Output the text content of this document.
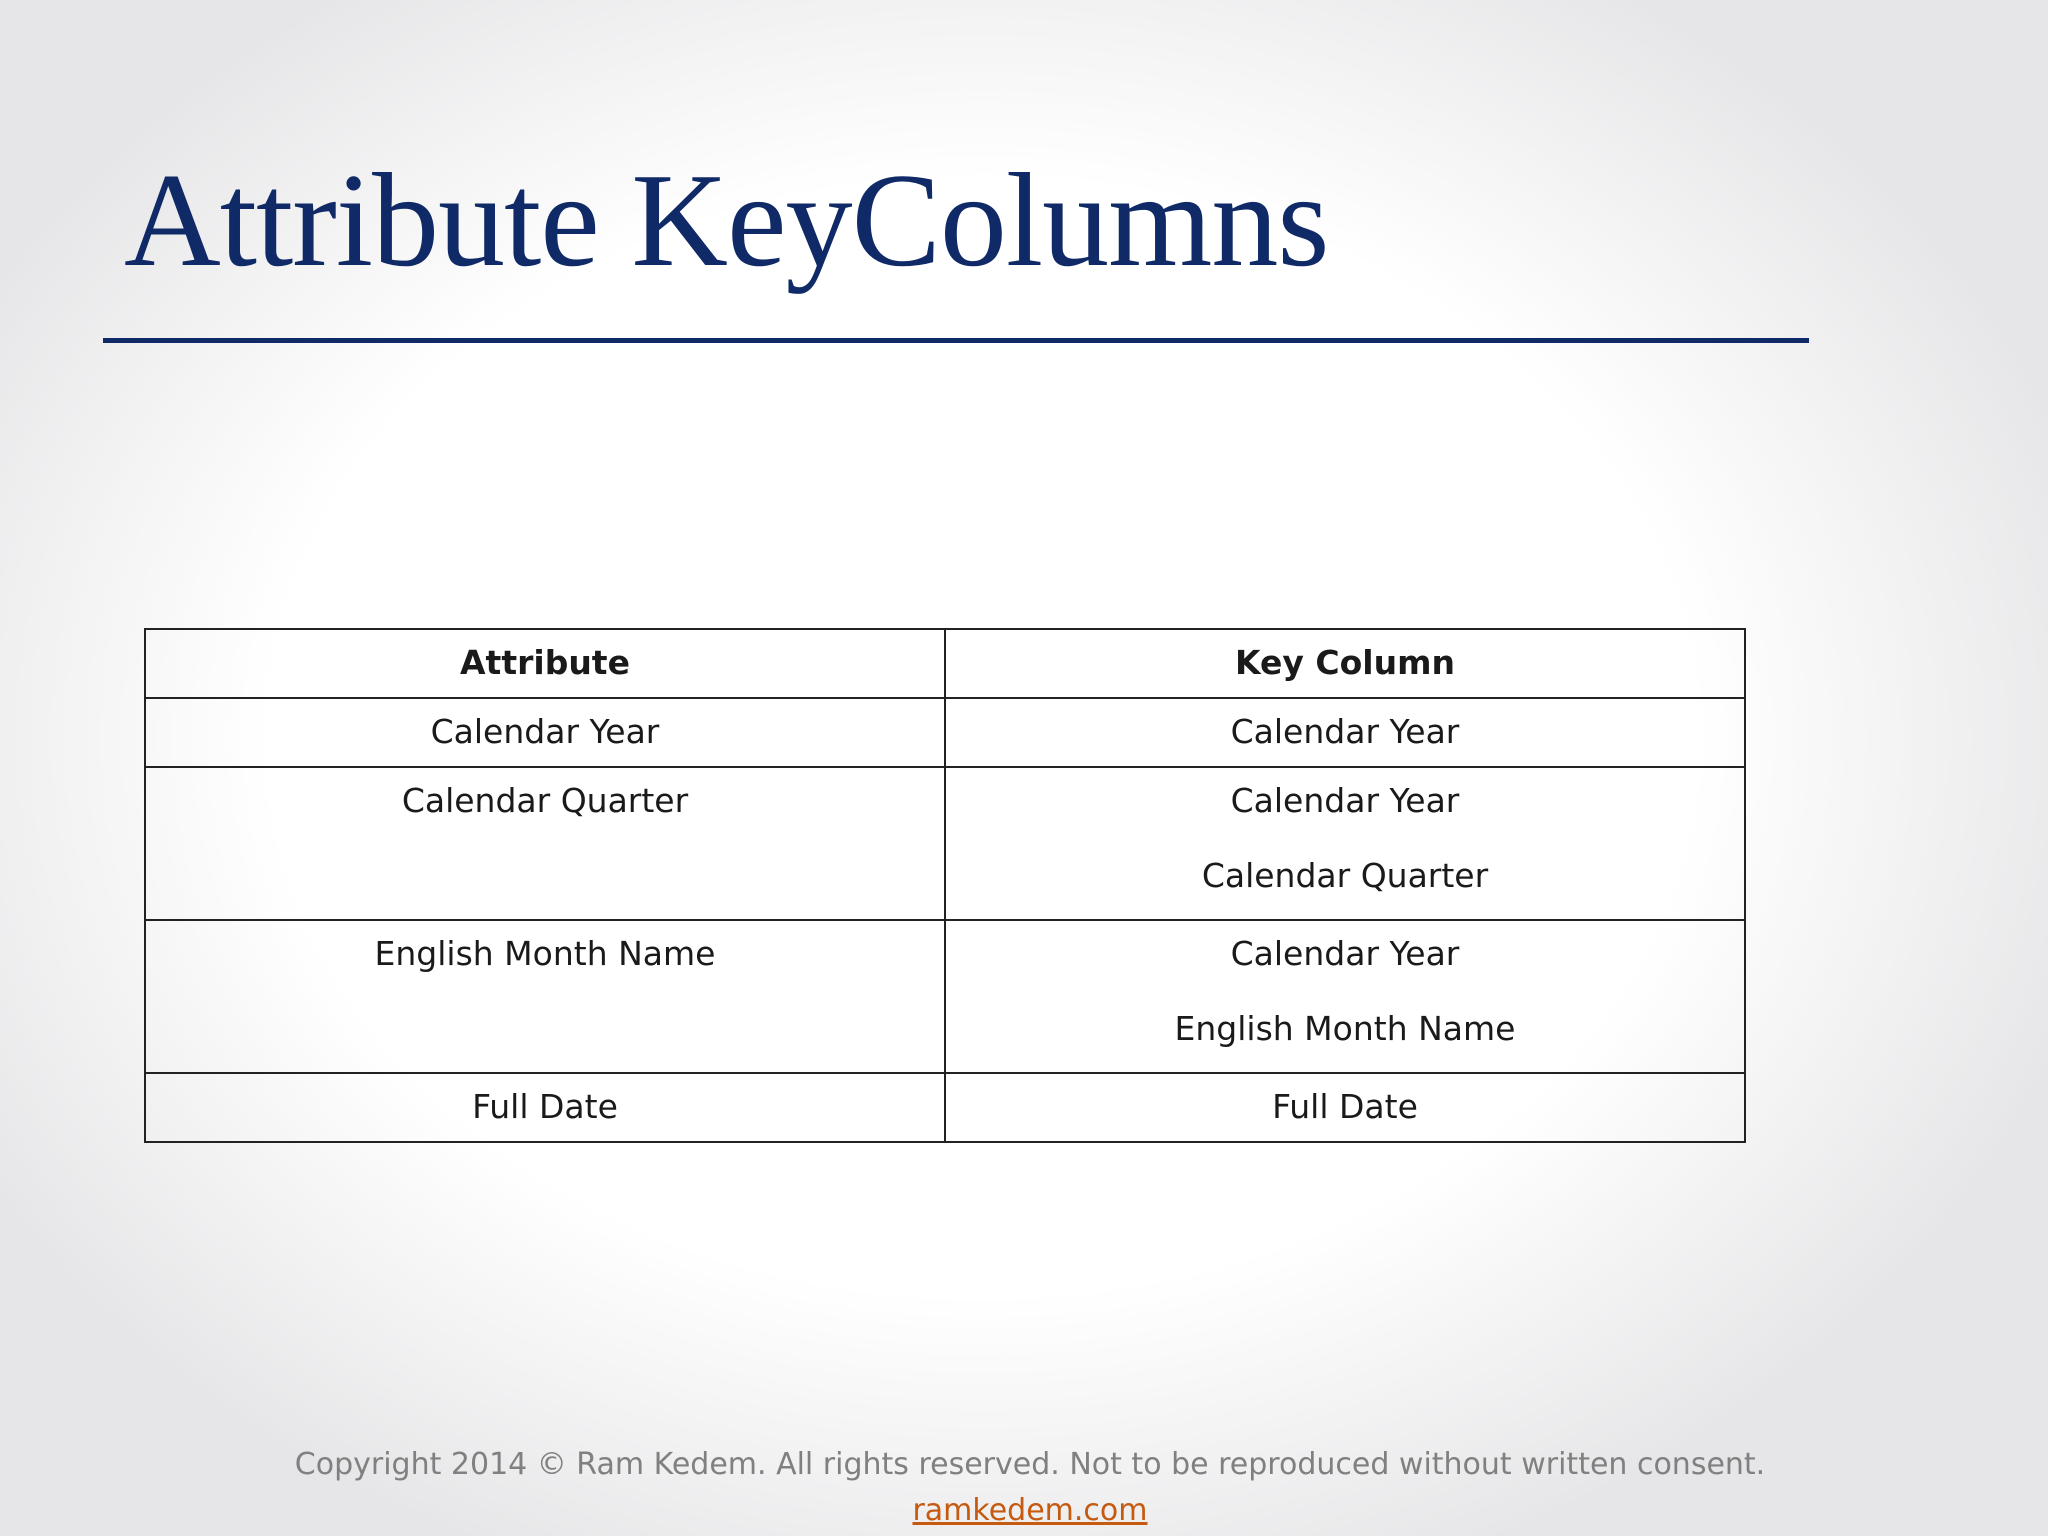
Attribute KeyColumns
Attribute	Key Column

Calendar Year	Calendar Year

Calendar Quarter	Calendar Year
Calendar Quarter

English Month Name	Calendar Year
English Month Name

Full Date	Full Date
Copyright 2014 © Ram Kedem. All rights reserved. Not to be reproduced without written consent.
ramkedem.com
